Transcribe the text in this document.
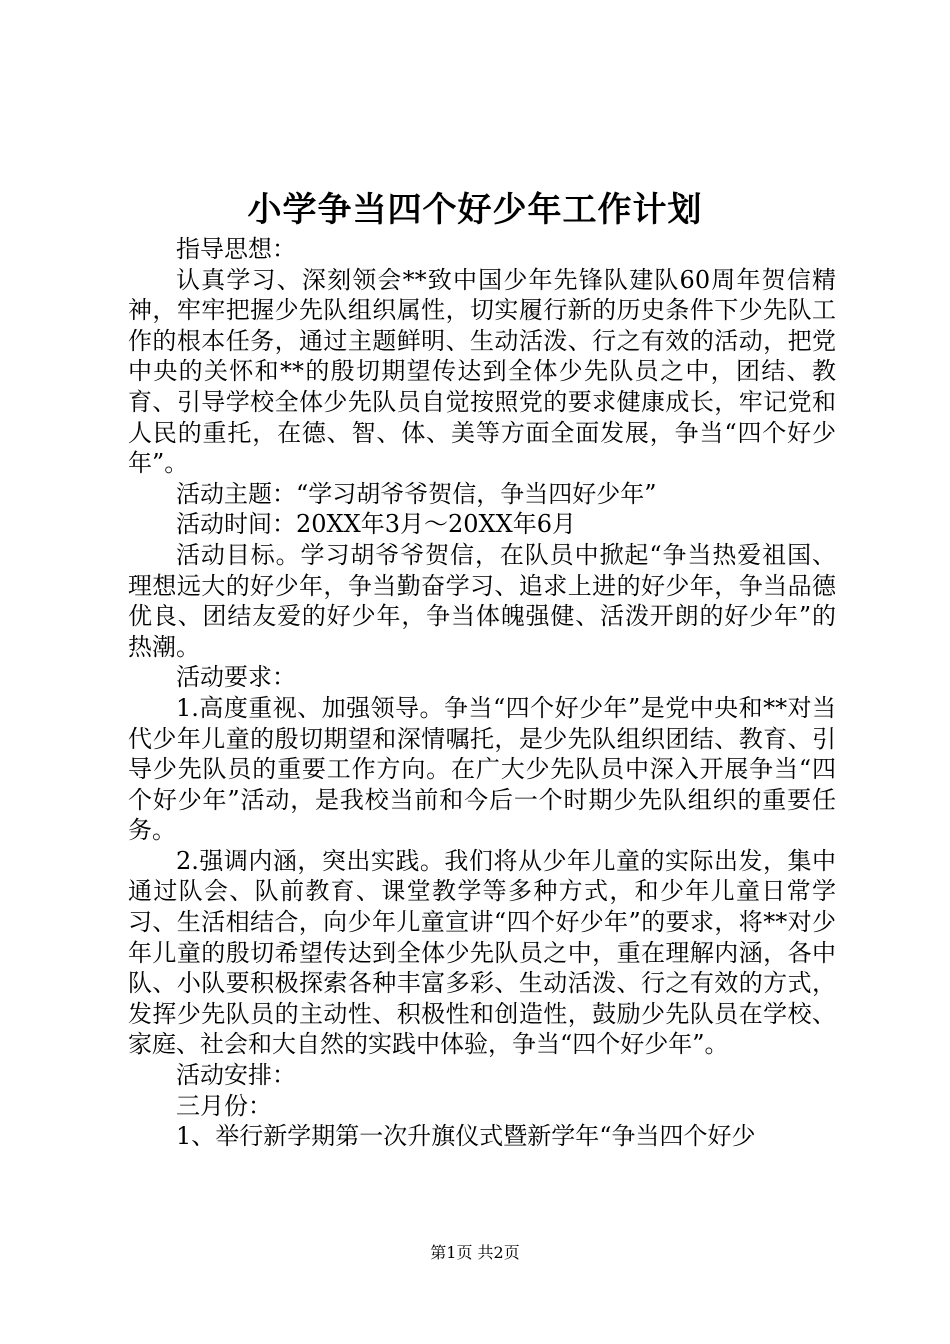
小学争当四个好少年工作计划

指导思想：

认真学习、深刻领会**致中国少年先锋队建队60周年贺信精神，牢牢把握少先队组织属性，切实履行新的历史条件下少先队工作的根本任务，通过主题鲜明、生动活泼、行之有效的活动，把党中央的关怀和**的殷切期望传达到全体少先队员之中，团结、教育、引导学校全体少先队员自觉按照党的要求健康成长，牢记党和人民的重托，在德、智、体、美等方面全面发展，争当“四个好少年”。

活动主题：“学习胡爷爷贺信，争当四好少年”

活动时间：20XX年3月～20XX年6月

活动目标。学习胡爷爷贺信，在队员中掀起“争当热爱祖国、理想远大的好少年，争当勤奋学习、追求上进的好少年，争当品德优良、团结友爱的好少年，争当体魄强健、活泼开朗的好少年”的热潮。

活动要求：

1.高度重视、加强领导。争当“四个好少年”是党中央和**对当代少年儿童的殷切期望和深情嘱托，是少先队组织团结、教育、引导少先队员的重要工作方向。在广大少先队员中深入开展争当“四个好少年”活动，是我校当前和今后一个时期少先队组织的重要任务。

2.强调内涵，突出实践。我们将从少年儿童的实际出发，集中通过队会、队前教育、课堂教学等多种方式，和少年儿童日常学习、生活相结合，向少年儿童宣讲“四个好少年”的要求，将**对少年儿童的殷切希望传达到全体少先队员之中，重在理解内涵，各中队、小队要积极探索各种丰富多彩、生动活泼、行之有效的方式，发挥少先队员的主动性、积极性和创造性，鼓励少先队员在学校、家庭、社会和大自然的实践中体验，争当“四个好少年”。

活动安排：

三月份：

1、举行新学期第一次升旗仪式暨新学年“争当四个好少

第1页 共2页
